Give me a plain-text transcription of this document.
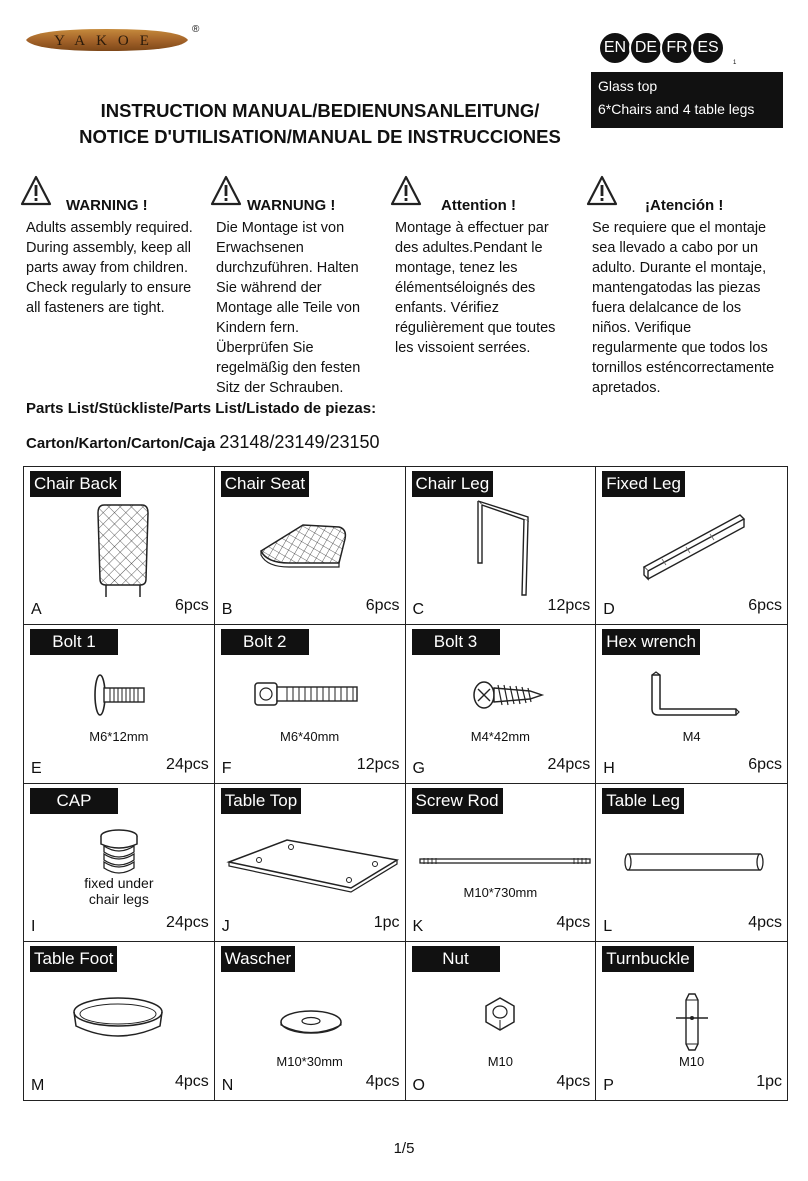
YAKOE
®
EN DE FR ES
1
Glass top
6*Chairs and 4 table legs
INSTRUCTION MANUAL/BEDIENUNSANLEITUNG/
NOTICE D'UTILISATION/MANUAL DE INSTRUCCIONES
WARNING !
Adults assembly required.
During assembly, keep all
parts away from children.
Check regularly to ensure
all fasteners are tight.
WARNUNG !
Die Montage ist von
Erwachsenen
durchzuführen. Halten
Sie während der
Montage alle Teile von
Kindern fern.
Überprüfen Sie
regelmäßig den festen
Sitz der Schrauben.
Attention !
Montage à effectuer par
des adultes.Pendant le
montage, tenez les
élémentséloignés des
enfants. Vérifiez
régulièrement que toutes
les vissoient serrées.
¡Atención !
Se requiere que el montaje
sea llevado a cabo por un
adulto. Durante el montaje,
mantengatodas las piezas
fuera delalcance de los
niños. Verifique
regularmente que todos los
tornillos esténcorrectamente
apretados.
Parts List/Stückliste/Parts List/Listado de piezas:
Carton/Karton/Carton/Caja 23148/23149/23150
Chair Back
A	6pcs
Chair Seat
B	6pcs
Chair Leg
C	12pcs
Fixed Leg
D	6pcs
Bolt 1
M6*12mm
E	24pcs
Bolt 2
M6*40mm
F	12pcs
Bolt 3
M4*42mm
G	24pcs
Hex wrench
M4
H	6pcs
CAP
fixed under chair legs
I	24pcs
Table Top
J	1pc
Screw Rod
M10*730mm
K	4pcs
Table Leg
L	4pcs
Table Foot
M	4pcs
Wascher
M10*30mm
N	4pcs
Nut
M10
O	4pcs
Turnbuckle
M10
P	1pc
1/5
